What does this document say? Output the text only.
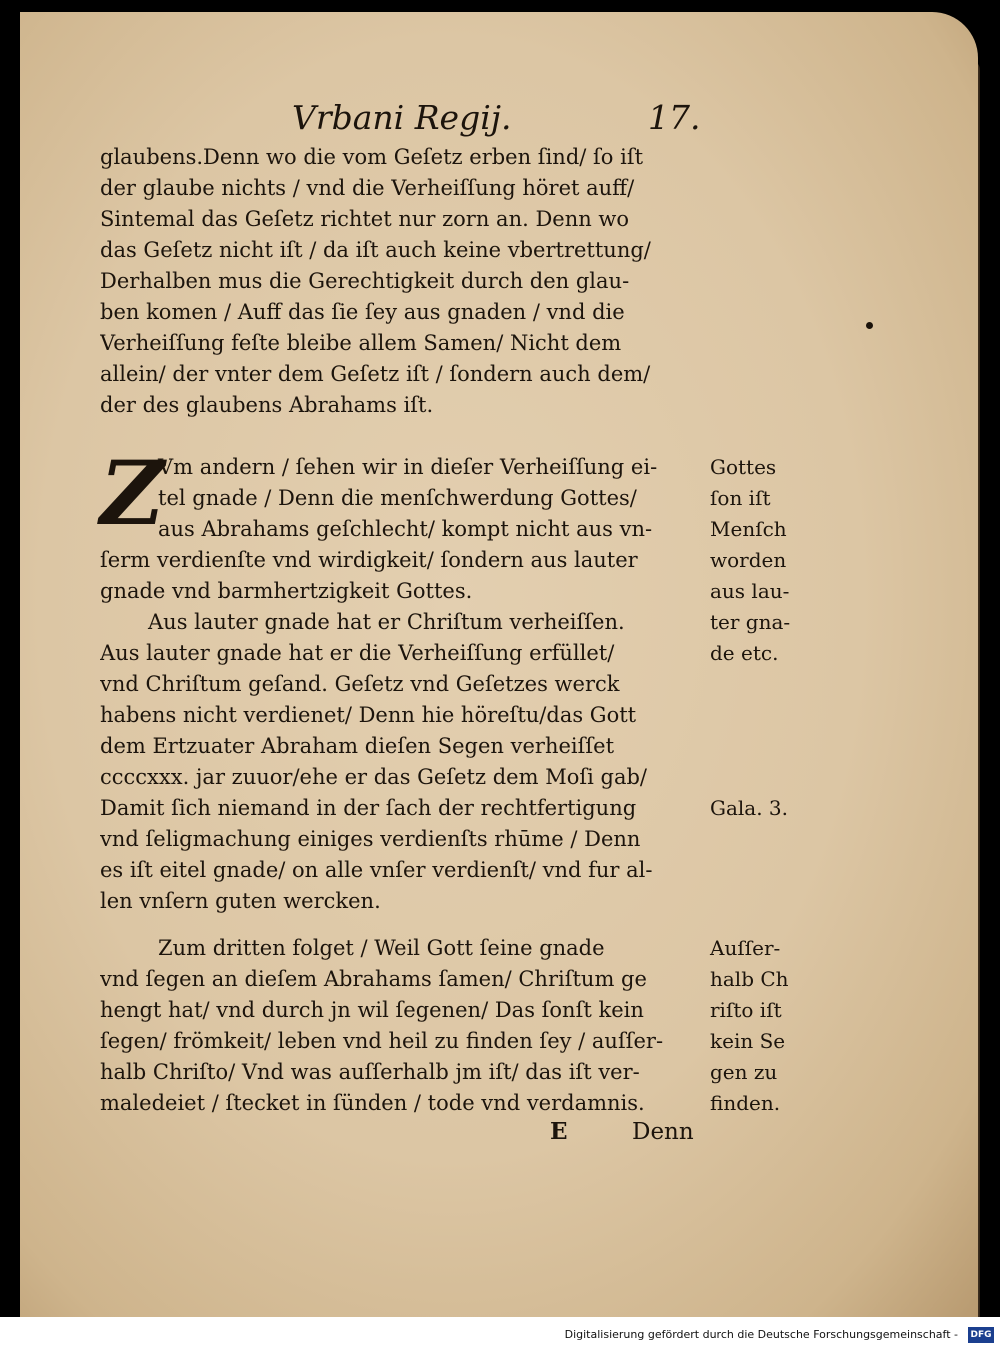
Vrbani Regij.	17.
glaubens.Denn wo die vom Geſetz erben ſind/ ſo iſt
der glaube nichts / vnd die Verheiſſung höret auff/
Sintemal das Geſetz richtet nur zorn an. Denn wo
das Geſetz nicht iſt / da iſt auch keine vbertrettung/
Derhalben mus die Gerechtigkeit durch den glau-
ben komen / Auff das ſie ſey aus gnaden / vnd die
Verheiſſung feſte bleibe allem Samen/ Nicht dem
allein/ der vnter dem Geſetz iſt / ſondern auch dem/
der des glaubens Abrahams iſt.
Z
Vm andern / ſehen wir in dieſer Verheiſſung ei-
tel gnade / Denn die menſchwerdung Gottes/
aus Abrahams geſchlecht/ kompt nicht aus vn-
ſerm verdienſte vnd wirdigkeit/ ſondern aus lauter
gnade vnd barmhertzigkeit Gottes.
Aus lauter gnade hat er Chriſtum verheiſſen.
Aus lauter gnade hat er die Verheiſſung erfüllet/
vnd Chriſtum geſand. Geſetz vnd Geſetzes werck
habens nicht verdienet/ Denn hie höreſtu/das Gott
dem Ertzuater Abraham dieſen Segen verheiſſet
ccccxxx. jar zuuor/ehe er das Geſetz dem Moſi gab/
Damit ſich niemand in der ſach der rechtfertigung
vnd ſeligmachung einiges verdienſts rhūme / Denn
es iſt eitel gnade/ on alle vnſer verdienſt/ vnd fur al-
len vnſern guten wercken.
Zum dritten folget / Weil Gott ſeine gnade
vnd ſegen an dieſem Abrahams ſamen/ Chriſtum ge
hengt hat/ vnd durch jn wil ſegenen/ Das ſonſt kein
ſegen/ frömkeit/ leben vnd heil zu finden ſey / auſſer-
halb Chriſto/ Vnd was auſſerhalb jm iſt/ das iſt ver-
maledeiet / ſtecket in ſünden / tode vnd verdamnis.
Gottes
ſon iſt
Menſch
worden
aus lau-
ter gna-
de etc.
Gala. 3.
Auſſer-
halb Ch
riſto iſt
kein Se
gen zu
finden.
E	Denn
Digitalisierung gefördert durch die Deutsche Forschungsgemeinschaft -	DFG
